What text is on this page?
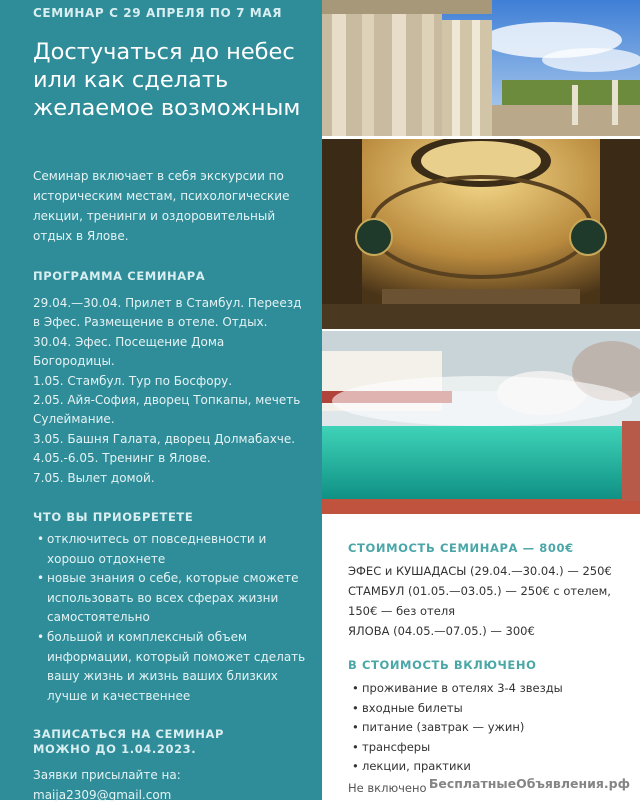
СЕМИНАР С 29 АПРЕЛЯ ПО 7 МАЯ
Достучаться до небес или как сделать желаемое возможным
Семинар включает в себя экскурсии по историческим местам, психологические лекции, тренинги и оздоровительный отдых в Ялове.
ПРОГРАММА СЕМИНАРА
29.04.—30.04. Прилет в Стамбул. Переезд в Эфес. Размещение в отеле. Отдых.
30.04. Эфес. Посещение Дома Богородицы.
1.05. Стамбул. Тур по Босфору.
2.05. Айя-София, дворец Топкапы, мечеть Сулеймание.
3.05. Башня Галата, дворец Долмабахче.
4.05.-6.05. Тренинг в Ялове.
7.05. Вылет домой.
ЧТО ВЫ ПРИОБРЕТЕТЕ
• отключитесь от повседневности и хорошо отдохнете
• новые знания о себе, которые сможете использовать во всех сферах жизни самостоятельно
• большой и комплексный объем информации, который поможет сделать вашу жизнь и жизнь ваших близких лучше и качественнее
ЗАПИСАТЬСЯ НА СЕМИНАР
МОЖНО ДО 1.04.2023.
Заявки присылайте на:
maija2309@gmail.com
СТОИМОСТЬ СЕМИНАРА — 800€
ЭФЕС и КУШАДАСЫ (29.04.—30.04.) — 250€
СТАМБУЛ (01.05.—03.05.) — 250€ с отелем, 150€ — без отеля
ЯЛОВА (04.05.—07.05.) — 300€
В СТОИМОСТЬ ВКЛЮЧЕНО
• проживание в отелях 3-4 звезды
• входные билеты
• питание (завтрак — ужин)
• трансферы
• лекции, практики
Не включено БесплатныеОбъявления.рф
